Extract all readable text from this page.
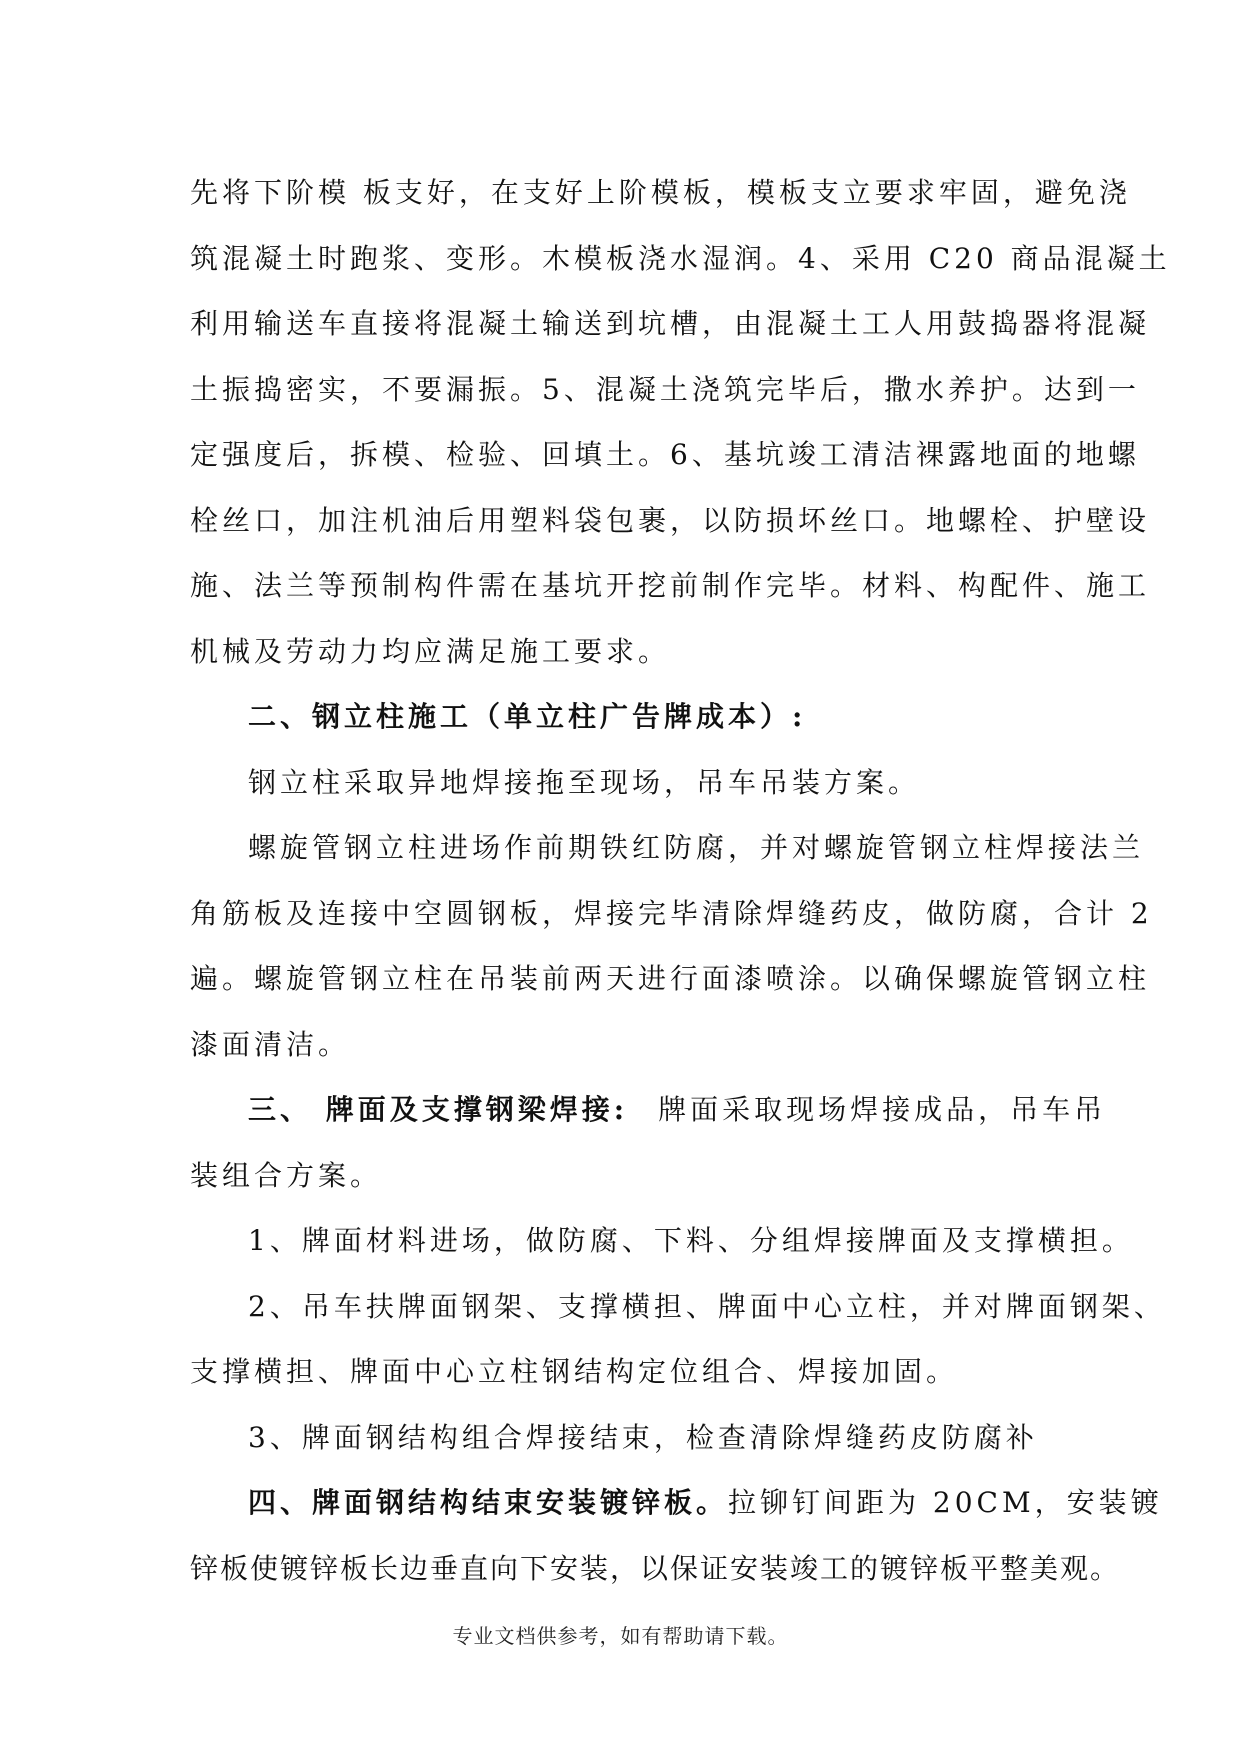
先将下阶模 板支好，在支好上阶模板，模板支立要求牢固，避免浇
筑混凝土时跑浆、变形。木模板浇水湿润。4、采用 C20 商品混凝土
利用输送车直接将混凝土输送到坑槽，由混凝土工人用鼓捣器将混凝
土振捣密实，不要漏振。5、混凝土浇筑完毕后，撒水养护。达到一
定强度后，拆模、检验、回填土。6、基坑竣工清洁裸露地面的地螺
栓丝口，加注机油后用塑料袋包裹，以防损坏丝口。地螺栓、护壁设
施、法兰等预制构件需在基坑开挖前制作完毕。材料、构配件、施工
机械及劳动力均应满足施工要求。
二、钢立柱施工（单立柱广告牌成本）:
钢立柱采取异地焊接拖至现场，吊车吊装方案。
螺旋管钢立柱进场作前期铁红防腐，并对螺旋管钢立柱焊接法兰
角筋板及连接中空圆钢板，焊接完毕清除焊缝药皮，做防腐，合计 2
遍。螺旋管钢立柱在吊装前两天进行面漆喷涂。以确保螺旋管钢立柱
漆面清洁。
三、 牌面及支撑钢梁焊接: 牌面采取现场焊接成品，吊车吊
装组合方案。
1、牌面材料进场，做防腐、下料、分组焊接牌面及支撑横担。
2、吊车扶牌面钢架、支撑横担、牌面中心立柱，并对牌面钢架、
支撑横担、牌面中心立柱钢结构定位组合、焊接加固。
3、牌面钢结构组合焊接结束，检查清除焊缝药皮防腐补
四、牌面钢结构结束安装镀锌板。拉铆钉间距为 20CM，安装镀
锌板使镀锌板长边垂直向下安装，以保证安装竣工的镀锌板平整美观。
专业文档供参考，如有帮助请下载。
